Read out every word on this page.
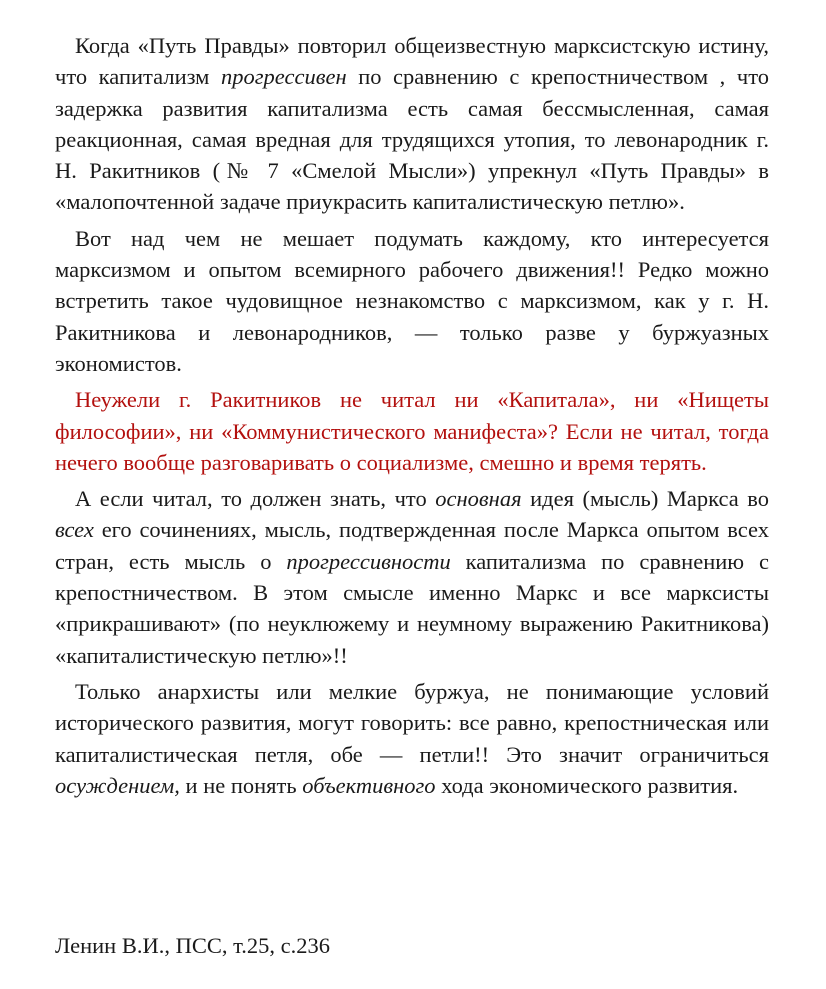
Когда «Путь Правды» повторил общеизвестную марксистскую истину, что капитализм прогрессивен по сравнению с крепостничеством , что задержка развития капитализма есть самая бессмысленная, самая реакционная, самая вредная для трудящихся утопия, то левонародник г. Н. Ракитников (№ 7 «Смелой Мысли») упрекнул «Путь Правды» в «малопочтенной задаче приукрасить капиталистическую петлю».

Вот над чем не мешает подумать каждому, кто интересуется марксизмом и опытом всемирного рабочего движения!! Редко можно встретить такое чудовищное незнакомство с марксизмом, как у г. Н. Ракитникова и левонародников, — только разве у буржуазных экономистов.

Неужели г. Ракитников не читал ни «Капитала», ни «Нищеты философии», ни «Коммунистического манифеста»? Если не читал, тогда нечего вообще разговаривать о социализме, смешно и время терять.

А если читал, то должен знать, что основная идея (мысль) Маркса во всех его сочинениях, мысль, подтвержденная после Маркса опытом всех стран, есть мысль о прогрессивности капитализма по сравнению с крепостничеством. В этом смысле именно Маркс и все марксисты «прикрашивают» (по неуклюжему и неумному выражению Ракитникова) «капиталистическую петлю»!!

Только анархисты или мелкие буржуа, не понимающие условий исторического развития, могут говорить: все равно, крепостническая или капиталистическая петля, обе — петли!! Это значит ограничиться осуждением, и не понять объективного хода экономического развития.

Ленин В.И., ПСС, т.25, с.236
